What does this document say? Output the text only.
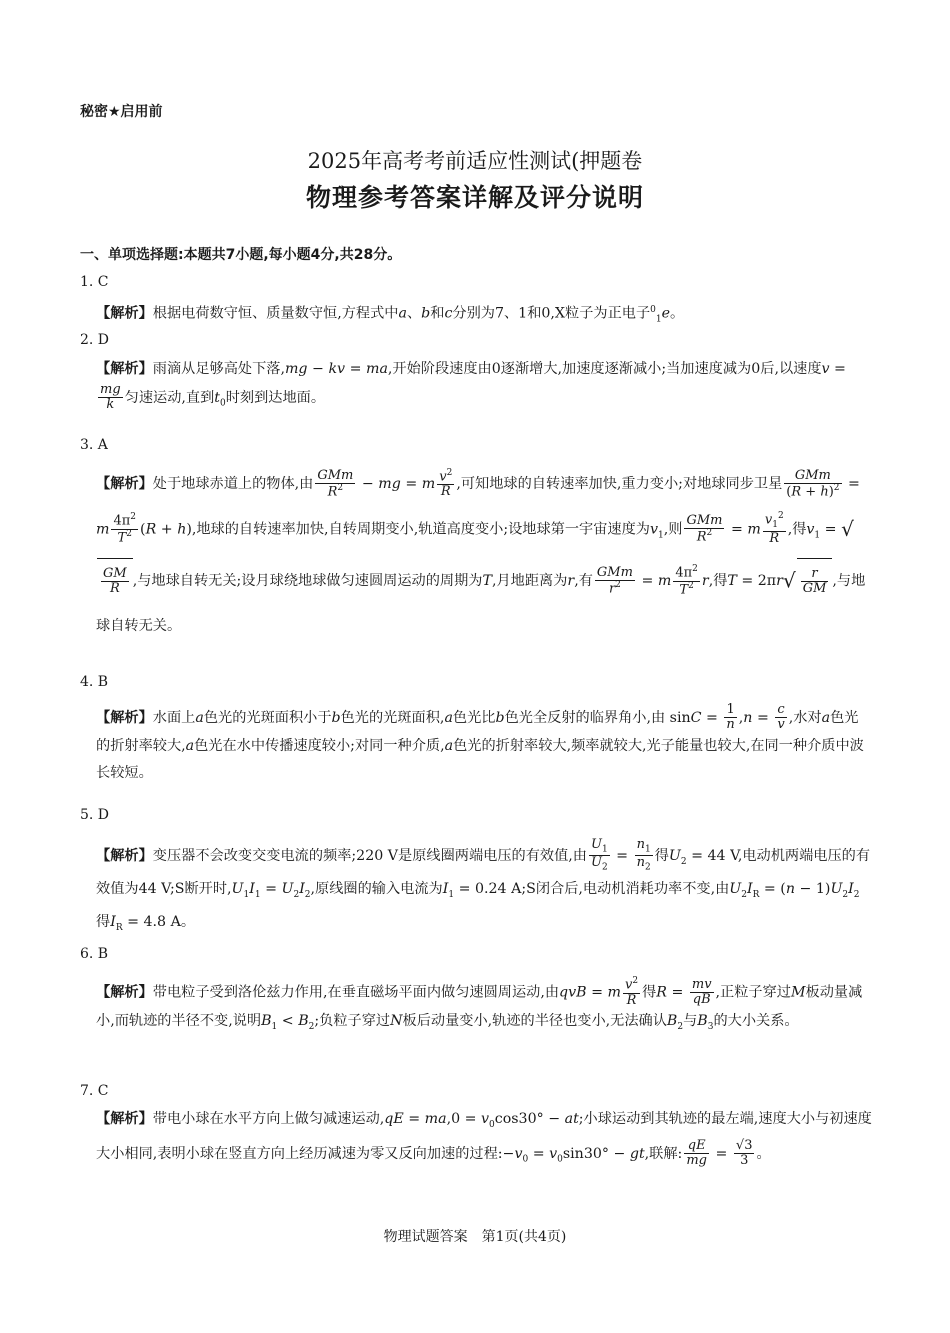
秘密★启用前
2025年高考考前适应性测试(押题卷
物理参考答案详解及评分说明
一、单项选择题:本题共7小题,每小题4分,共28分。
1. C
【解析】根据电荷数守恒、质量数守恒,方程式中a、b和c分别为7、1和0,X粒子为正电子$^0_1$e。
2. D
【解析】雨滴从足够高处下落,mg − kv = ma,开始阶段速度由0逐渐增大,加速度逐渐减小;当加速度减为0后,以速度v =
$\frac{mg}{k}$ 匀速运动,直到$t_0$时刻到达地面。
3. A
【解析】处于地球赤道上的物体,由 $\frac{\text{GMm}}{R^2}$ − mg = m $\frac{v^2}{R}$ ,可知地球的自转速率加快,重力变小;对地球同步卫星 $\frac{\text{GMm}}{(R + h)^2} = m \frac{4\pi^2}{T^2} (R + h)$,地球的自转速率加快,自转周期变小,轨道高度变小;设地球第一宇宙速度为$v_1$,则 $\frac{\text{GMm}}{R^2} = m \frac{v_1^2}{R}$ ,得$v_1$ = √
$\frac{GM}{R}$ ,与地球自转无关;设月球绕地球做匀速圆周运动的周期为T,月地距离为r,有 $\frac{\text{GMm}}{r^2} = m \frac{4\pi^2}{T^2} r$,得$T = 2\pi r√ \frac{r}{GM}$ ,与地球自转无关。
4. B
【解析】水面上a色光的光斑面积小于b色光的光斑面积,a色光比b色光全反射的临界角小,由 $\sin C = \frac{1}{n} ,n = \frac{c}{v}$ ,水对a色光的折射率较大,a色光在水中传播速度较小;对同一种介质,a色光的折射率较大,频率就较大,光子能量也较大,在同一种介质中波长较短。
5. D
【解析】变压器不会改变交变电流的频率;220 V是原线圈两端电压的有效值,由 $\frac{U_1}{U_2} = \frac{n_1}{n_2}$ 得$U_2 = 44$ V,电动机两端电压的有效值为44 V;S断开时$,U_1I_1 = U_2I_2$,原线圈的输入电流为$I_1 = 0.24$ A;S闭合后,电动机消耗功率不变,由$U_2I_R = (n - 1)U_2I_2$得$I_R = 4.8$ A。
6. B
【解析】带电粒子受到洛伦兹力作用,在垂直磁场平面内做匀速圆周运动,由qvB = m $\frac{v^2}{R}$ 得$R = \frac{mv}{qB}$ ,正粒子穿过M板动量减小,而轨迹的半径不变,说明$B_1 < B_2$;负粒子穿过N板后动量变小,轨迹的半径也变小,无法确认$B_2$与$B_3$的大小关系。
7. C
【解析】带电小球在水平方向上做匀减速运动$,qE = ma,0 = v_0\cos 30^\circ$ − at;小球运动到其轨迹的最左端,速度大小与初速度大小相同,表明小球在竖直方向上经历减速为零又反向加速的过程$:-v_0 = v_0\sin 30^\circ$ − gt,联解: $\frac{qE}{mg} = \frac{√3}{3}$ 。
物理试题答案　第1页(共4页)
